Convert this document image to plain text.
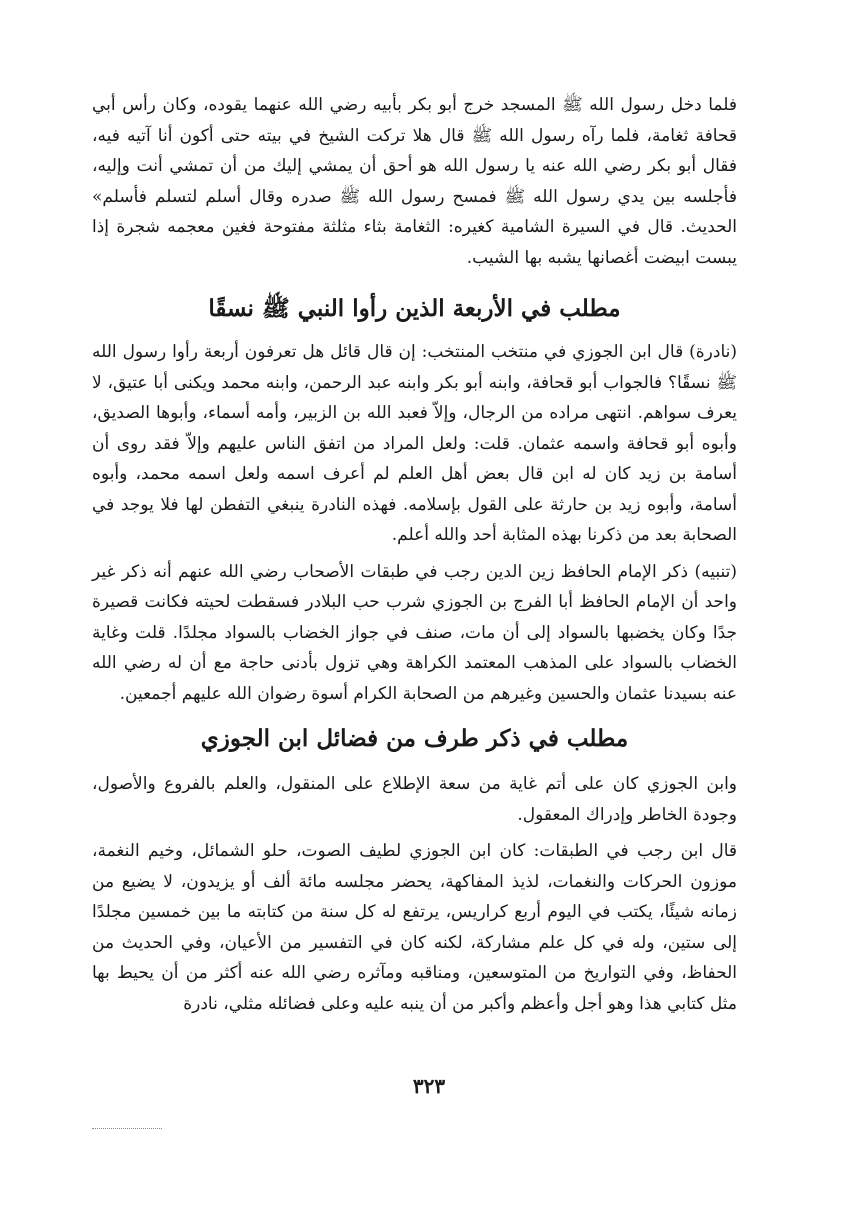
فلما دخل رسول الله ﷺ المسجد خرج أبو بكر بأبيه رضي الله عنهما يقوده، وكان رأس أبي قحافة ثغامة، فلما رآه رسول الله ﷺ قال هلا تركت الشيخ في بيته حتى أكون أنا آتيه فيه، فقال أبو بكر رضي الله عنه يا رسول الله هو أحق أن يمشي إليك من أن تمشي أنت وإليه، فأجلسه بين يدي رسول الله ﷺ فمسح رسول الله ﷺ صدره وقال أسلم لتسلم فأسلم» الحديث. قال في السيرة الشامية كغيره: الثغامة بثاء مثلثة مفتوحة فغين معجمه شجرة إذا يبست ابيضت أغصانها يشبه بها الشيب.

مطلب في الأربعة الذين رأوا النبي ﷺ نسقًا

(نادرة) قال ابن الجوزي في منتخب المنتخب: إن قال قائل هل تعرفون أربعة رأوا رسول الله ﷺ نسقًا؟ فالجواب أبو قحافة، وابنه أبو بكر وابنه عبد الرحمن، وابنه محمد ويكنى أبا عتيق، لا يعرف سواهم. انتهى مراده من الرجال، وإلاّ فعبد الله بن الزبير، وأمه أسماء، وأبوها الصديق، وأبوه أبو قحافة واسمه عثمان. قلت: ولعل المراد من اتفق الناس عليهم وإلاّ فقد روى أن أسامة بن زيد كان له ابن قال بعض أهل العلم لم أعرف اسمه ولعل اسمه محمد، وأبوه أسامة، وأبوه زيد بن حارثة على القول بإسلامه. فهذه النادرة ينبغي التفطن لها فلا يوجد في الصحابة بعد من ذكرنا بهذه المثابة أحد والله أعلم.

(تنبيه) ذكر الإمام الحافظ زين الدين رجب في طبقات الأصحاب رضي الله عنهم أنه ذكر غير واحد أن الإمام الحافظ أبا الفرج بن الجوزي شرب حب البلادر فسقطت لحيته فكانت قصيرة جدًا وكان يخضبها بالسواد إلى أن مات، صنف في جواز الخضاب بالسواد مجلدًا. قلت وغاية الخضاب بالسواد على المذهب المعتمد الكراهة وهي تزول بأدنى حاجة مع أن له رضي الله عنه بسيدنا عثمان والحسين وغيرهم من الصحابة الكرام أسوة رضوان الله عليهم أجمعين.

مطلب في ذكر طرف من فضائل ابن الجوزي

وابن الجوزي كان على أتم غاية من سعة الإطلاع على المنقول، والعلم بالفروع والأصول، وجودة الخاطر وإدراك المعقول.

قال ابن رجب في الطبقات: كان ابن الجوزي لطيف الصوت، حلو الشمائل، وخيم النغمة، موزون الحركات والنغمات، لذيذ المفاكهة، يحضر مجلسه مائة ألف أو يزيدون، لا يضيع من زمانه شيئًا، يكتب في اليوم أربع كراريس، يرتفع له كل سنة من كتابته ما بين خمسين مجلدًا إلى ستين، وله في كل علم مشاركة، لكنه كان في التفسير من الأعيان، وفي الحديث من الحفاظ، وفي التواريخ من المتوسعين، ومناقبه ومآثره رضي الله عنه أكثر من أن يحيط بها مثل كتابي هذا وهو أجل وأعظم وأكبر من أن ينبه عليه وعلى فضائله مثلي، نادرة

٣٢٣
